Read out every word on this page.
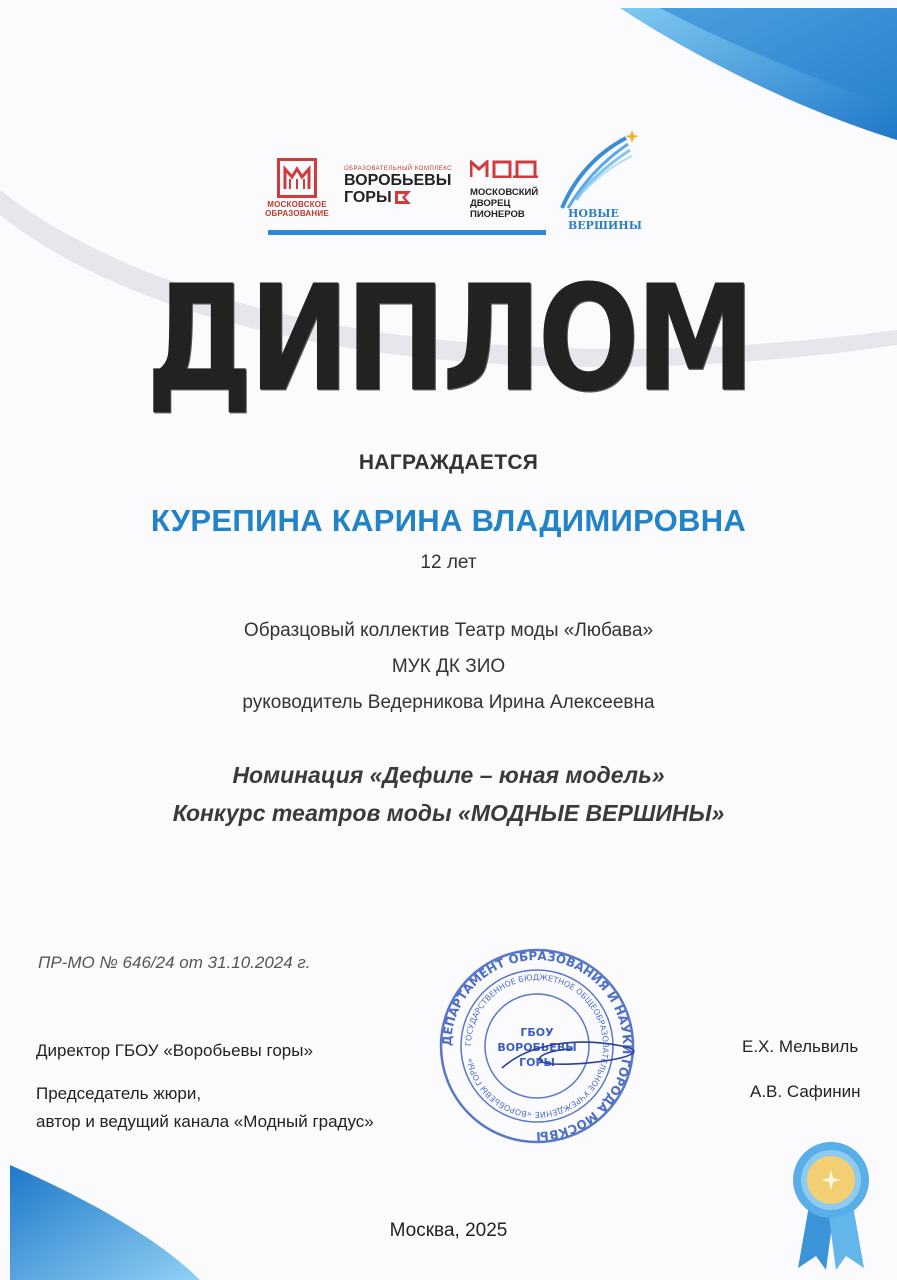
МОСКОВСКОЕ ОБРАЗОВАНИЕ
ОБРАЗОВАТЕЛЬНЫЙ КОМПЛЕКС
ВОРОБЬЕВЫ
ГОРЫ	МОСКОВСКИЙ
ДВОРЕЦ
ПИОНЕРОВ	НОВЫЕ
ВЕРШИНЫ
ДИПЛОМ
НАГРАЖДАЕТСЯ
КУРЕПИНА КАРИНА ВЛАДИМИРОВНА
12 лет
Образцовый коллектив Театр моды «Любава»
МУК ДК ЗИО
руководитель Ведерникова Ирина Алексеевна
Номинация «Дефиле – юная модель»
Конкурс театров моды «МОДНЫЕ ВЕРШИНЫ»
ПР-МО № 646/24 от 31.10.2024 г.
Директор ГБОУ «Воробьевы горы»	Е.Х. Мельвиль
Председатель жюри,
автор и ведущий канала «Модный градус»
А.В. Сафинин
ДЕПАРТАМЕНТ ОБРАЗОВАНИЯ И НАУКИ ГОРОДА МОСКВЫ
ГОСУДАРСТВЕННОЕ БЮДЖЕТНОЕ ОБЩЕОБРАЗОВАТЕЛЬНОЕ УЧРЕЖДЕНИЕ «ВОРОБЬЕВЫ ГОРЫ»
ГБОУ
ВОРОБЬЕВЫ
ГОРЫ
Москва, 2025
